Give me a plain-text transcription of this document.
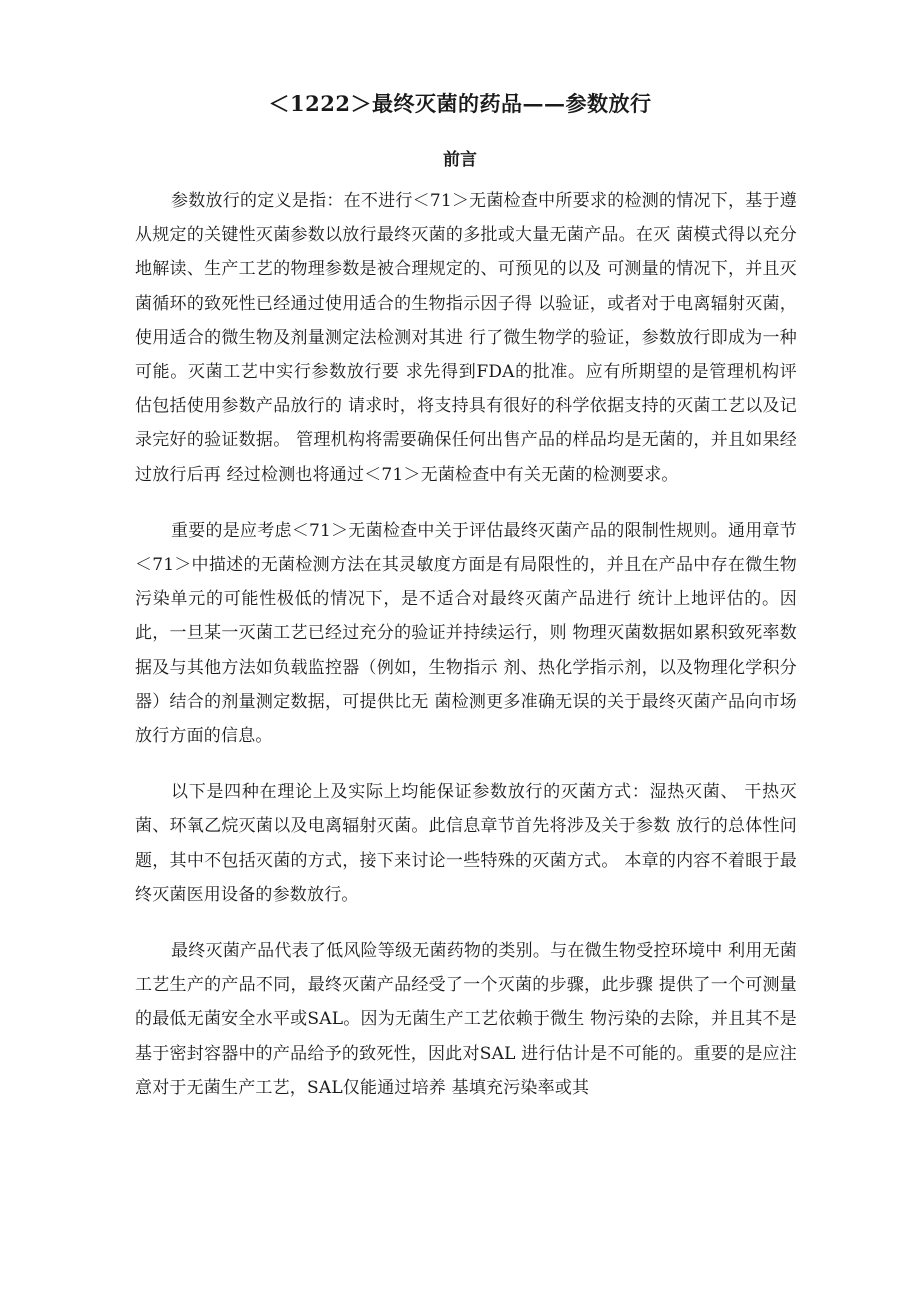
＜1222＞最终灭菌的药品——参数放行
前言

参数放行的定义是指：在不进行＜71＞无菌检查中所要求的检测的情况下，基于遵从规定的关键性灭菌参数以放行最终灭菌的多批或大量无菌产品。在灭 菌模式得以充分地解读、生产工艺的物理参数是被合理规定的、可预见的以及 可测量的情况下，并且灭菌循环的致死性已经通过使用适合的生物指示因子得 以验证，或者对于电离辐射灭菌，使用适合的微生物及剂量测定法检测对其进 行了微生物学的验证，参数放行即成为一种可能。灭菌工艺中实行参数放行要 求先得到FDA的批准。应有所期望的是管理机构评估包括使用参数产品放行的 请求时，将支持具有很好的科学依据支持的灭菌工艺以及记录完好的验证数据。 管理机构将需要确保任何出售产品的样品均是无菌的，并且如果经过放行后再 经过检测也将通过＜71＞无菌检查中有关无菌的检测要求。

重要的是应考虑＜71＞无菌检查中关于评估最终灭菌产品的限制性规则。通用章节＜71＞中描述的无菌检测方法在其灵敏度方面是有局限性的，并且在产品中存在微生物污染单元的可能性极低的情况下，是不适合对最终灭菌产品进行 统计上地评估的。因此，一旦某一灭菌工艺已经过充分的验证并持续运行，则 物理灭菌数据如累积致死率数据及与其他方法如负载监控器（例如，生物指示 剂、热化学指示剂，以及物理化学积分器）结合的剂量测定数据，可提供比无 菌检测更多准确无误的关于最终灭菌产品向市场放行方面的信息。

以下是四种在理论上及实际上均能保证参数放行的灭菌方式：湿热灭菌、 干热灭菌、环氧乙烷灭菌以及电离辐射灭菌。此信息章节首先将涉及关于参数 放行的总体性问题，其中不包括灭菌的方式，接下来讨论一些特殊的灭菌方式。 本章的内容不着眼于最终灭菌医用设备的参数放行。

最终灭菌产品代表了低风险等级无菌药物的类别。与在微生物受控环境中 利用无菌工艺生产的产品不同，最终灭菌产品经受了一个灭菌的步骤，此步骤 提供了一个可测量的最低无菌安全水平或SAL。因为无菌生产工艺依赖于微生 物污染的去除，并且其不是基于密封容器中的产品给予的致死性，因此对SAL 进行估计是不可能的。重要的是应注意对于无菌生产工艺，SAL仅能通过培养 基填充污染率或其
